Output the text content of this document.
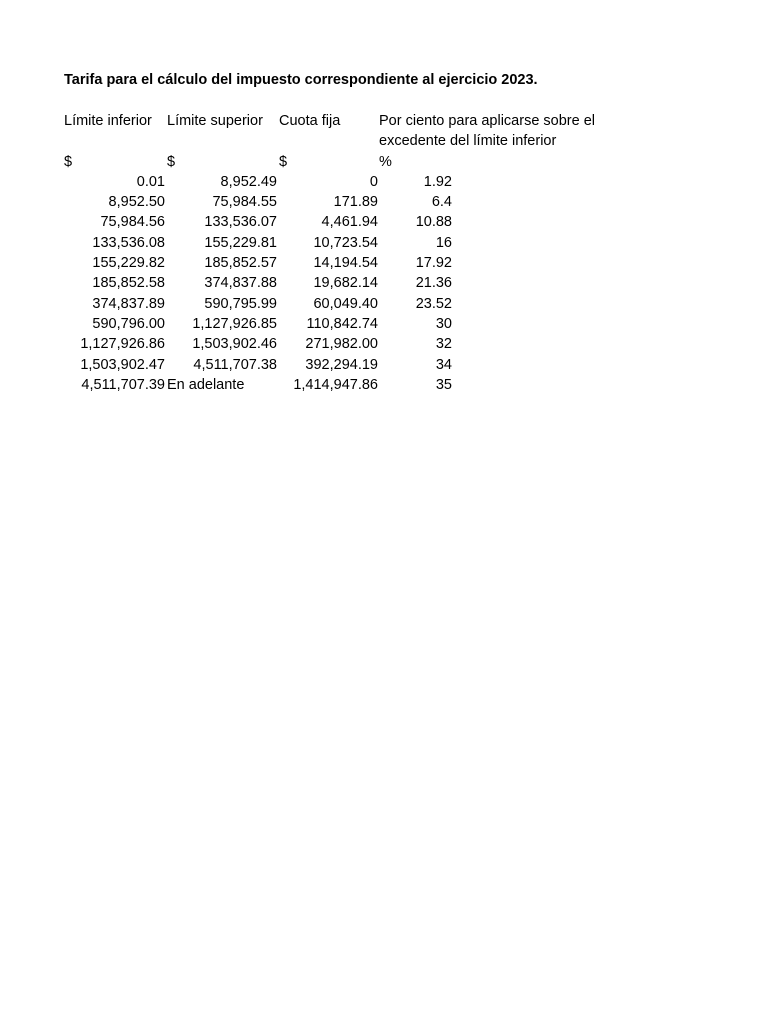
Tarifa para el cálculo del impuesto correspondiente al ejercicio 2023.
Límite inferior	Límite superior	Cuota fija	Por ciento para aplicarse sobre el excedente del límite inferior

$	$	$	%
0.01	8,952.49	0	1.92
8,952.50	75,984.55	171.89	6.4
75,984.56	133,536.07	4,461.94	10.88
133,536.08	155,229.81	10,723.54	16
155,229.82	185,852.57	14,194.54	17.92
185,852.58	374,837.88	19,682.14	21.36
374,837.89	590,795.99	60,049.40	23.52
590,796.00	1,127,926.85	110,842.74	30
1,127,926.86	1,503,902.46	271,982.00	32
1,503,902.47	4,511,707.38	392,294.19	34
4,511,707.39	En adelante	1,414,947.86	35
